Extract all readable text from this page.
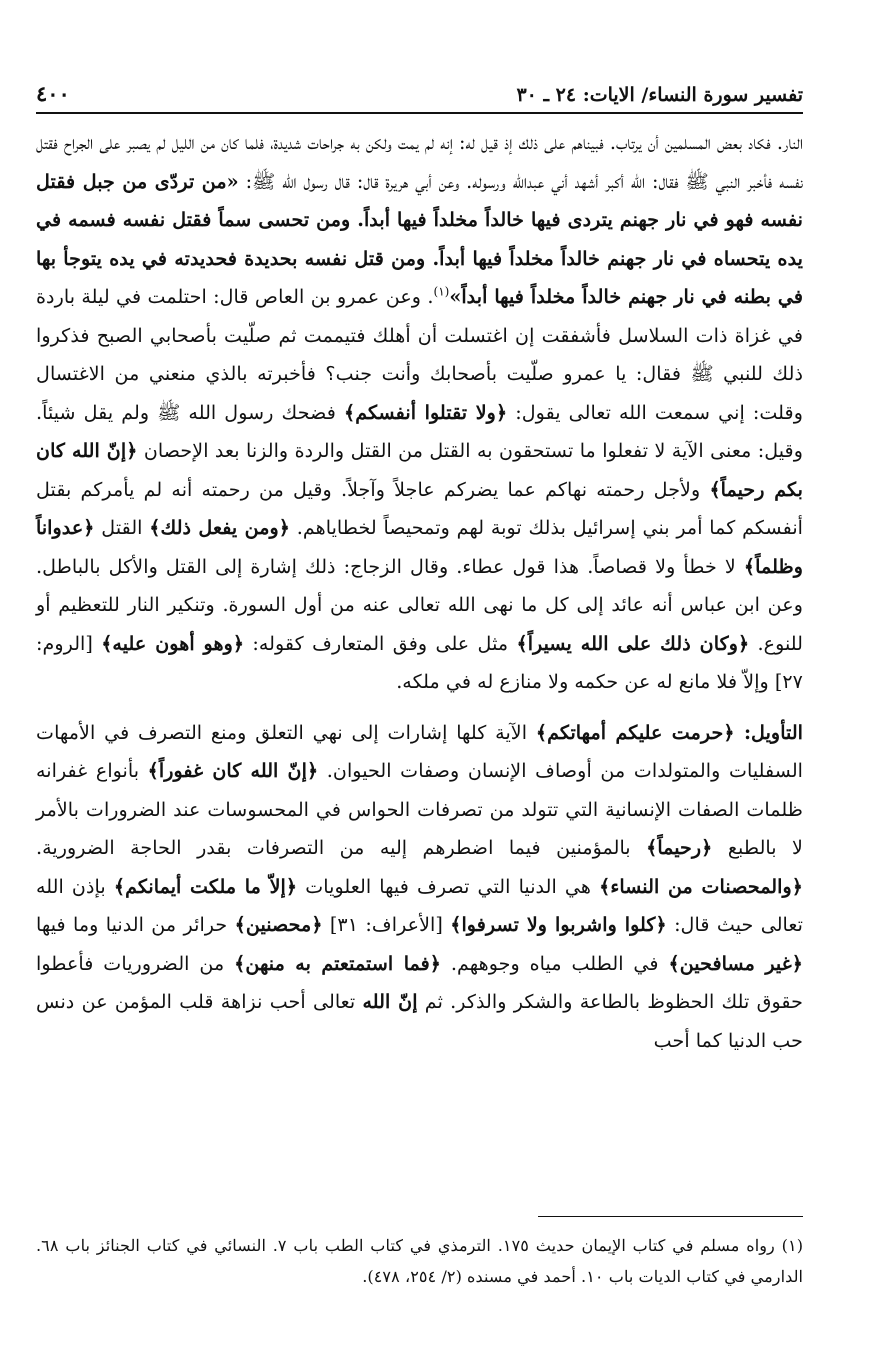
تفسير سورة النساء/ الايات: ٢٤ ـ ٣٠
٤٠٠

النار. فكاد بعض المسلمين أن يرتاب. فبيناهم على ذلك إذ قيل له: إنه لم يمت ولكن به جراحات شديدة، فلما كان من الليل لم يصبر على الجراح فقتل نفسه فأخبر النبي ﷺ فقال: الله أكبر أشهد أني عبدالله ورسوله. وعن أبي هريرة قال: قال رسول الله ﷺ: «من تردّى من جبل فقتل نفسه فهو في نار جهنم يتردى فيها خالداً مخلداً فيها أبداً. ومن تحسى سماً فقتل نفسه فسمه في يده يتحساه في نار جهنم خالداً مخلداً فيها أبداً. ومن قتل نفسه بحديدة فحديدته في يده يتوجأ بها في بطنه في نار جهنم خالداً مخلداً فيها أبداً»$^{(١)}$. وعن عمرو بن العاص قال: احتلمت في ليلة باردة في غزاة ذات السلاسل فأشفقت إن اغتسلت أن أهلك فتيممت ثم صلّيت بأصحابي الصبح فذكروا ذلك للنبي ﷺ فقال: يا عمرو صلّيت بأصحابك وأنت جنب؟ فأخبرته بالذي منعني من الاغتسال وقلت: إني سمعت الله تعالى يقول: ﴿ولا تقتلوا أنفسكم﴾ فضحك رسول الله ﷺ ولم يقل شيئاً. وقيل: معنى الآية لا تفعلوا ما تستحقون به القتل من القتل والردة والزنا بعد الإحصان ﴿إنّ الله كان بكم رحيماً﴾ ولأجل رحمته نهاكم عما يضركم عاجلاً وآجلاً. وقيل من رحمته أنه لم يأمركم بقتل أنفسكم كما أمر بني إسرائيل بذلك توبة لهم وتمحيصاً لخطاياهم. ﴿ومن يفعل ذلك﴾ القتل ﴿عدواناً وظلماً﴾ لا خطأ ولا قصاصاً. هذا قول عطاء. وقال الزجاج: ذلك إشارة إلى القتل والأكل بالباطل. وعن ابن عباس أنه عائد إلى كل ما نهى الله تعالى عنه من أول السورة. وتنكير النار للتعظيم أو للنوع. ﴿وكان ذلك على الله يسيراً﴾ مثل على وفق المتعارف كقوله: ﴿وهو أهون عليه﴾ [الروم: ٢٧] وإلاّ فلا مانع له عن حكمه ولا منازع له في ملكه.

التأويل: ﴿حرمت عليكم أمهاتكم﴾ الآية كلها إشارات إلى نهي التعلق ومنع التصرف في الأمهات السفليات والمتولدات من أوصاف الإنسان وصفات الحيوان. ﴿إنّ الله كان غفوراً﴾ بأنواع غفرانه ظلمات الصفات الإنسانية التي تتولد من تصرفات الحواس في المحسوسات عند الضرورات بالأمر لا بالطبع ﴿رحيماً﴾ بالمؤمنين فيما اضطرهم إليه من التصرفات بقدر الحاجة الضرورية. ﴿والمحصنات من النساء﴾ هي الدنيا التي تصرف فيها العلويات ﴿إلاّ ما ملكت أيمانكم﴾ بإذن الله تعالى حيث قال: ﴿كلوا واشربوا ولا تسرفوا﴾ [الأعراف: ٣١] ﴿محصنين﴾ حرائر من الدنيا وما فيها ﴿غير مسافحين﴾ في الطلب مياه وجوههم. ﴿فما استمتعتم به منهن﴾ من الضروريات فأعطوا حقوق تلك الحظوظ بالطاعة والشكر والذكر. ثم إنّ الله تعالى أحب نزاهة قلب المؤمن عن دنس حب الدنيا كما أحب

(١) رواه مسلم في كتاب الإيمان حديث ١٧٥. الترمذي في كتاب الطب باب ٧. النسائي في كتاب الجنائز باب ٦٨. الدارمي في كتاب الديات باب ١٠. أحمد في مسنده (٢/ ٢٥٤، ٤٧٨).
